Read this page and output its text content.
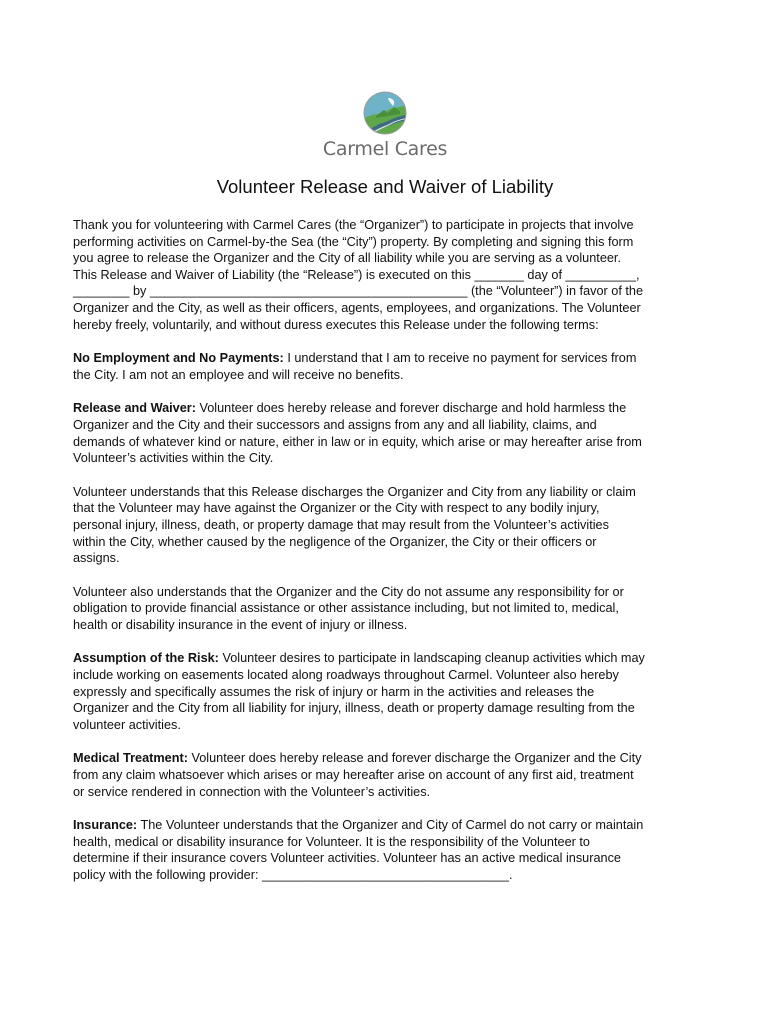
Carmel Cares
Volunteer Release and Waiver of Liability
Thank you for volunteering with Carmel Cares (the “Organizer”) to participate in projects that involve
performing activities on Carmel-by-the Sea (the “City”) property. By completing and signing this form
you agree to release the Organizer and the City of all liability while you are serving as a volunteer.
This Release and Waiver of Liability (the “Release”) is executed on this _______ day of __________,
________ by _____________________________________________ (the “Volunteer”) in favor of the
Organizer and the City, as well as their officers, agents, employees, and organizations. The Volunteer
hereby freely, voluntarily, and without duress executes this Release under the following terms:
No Employment and No Payments: I understand that I am to receive no payment for services from
the City. I am not an employee and will receive no benefits.
Release and Waiver: Volunteer does hereby release and forever discharge and hold harmless the
Organizer and the City and their successors and assigns from any and all liability, claims, and
demands of whatever kind or nature, either in law or in equity, which arise or may hereafter arise from
Volunteer’s activities within the City.
Volunteer understands that this Release discharges the Organizer and City from any liability or claim
that the Volunteer may have against the Organizer or the City with respect to any bodily injury,
personal injury, illness, death, or property damage that may result from the Volunteer’s activities
within the City, whether caused by the negligence of the Organizer, the City or their officers or
assigns.
Volunteer also understands that the Organizer and the City do not assume any responsibility for or
obligation to provide financial assistance or other assistance including, but not limited to, medical,
health or disability insurance in the event of injury or illness.
Assumption of the Risk: Volunteer desires to participate in landscaping cleanup activities which may
include working on easements located along roadways throughout Carmel. Volunteer also hereby
expressly and specifically assumes the risk of injury or harm in the activities and releases the
Organizer and the City from all liability for injury, illness, death or property damage resulting from the
volunteer activities.
Medical Treatment: Volunteer does hereby release and forever discharge the Organizer and the City
from any claim whatsoever which arises or may hereafter arise on account of any first aid, treatment
or service rendered in connection with the Volunteer’s activities.
Insurance: The Volunteer understands that the Organizer and City of Carmel do not carry or maintain
health, medical or disability insurance for Volunteer. It is the responsibility of the Volunteer to
determine if their insurance covers Volunteer activities. Volunteer has an active medical insurance
policy with the following provider: ___________________________________.
